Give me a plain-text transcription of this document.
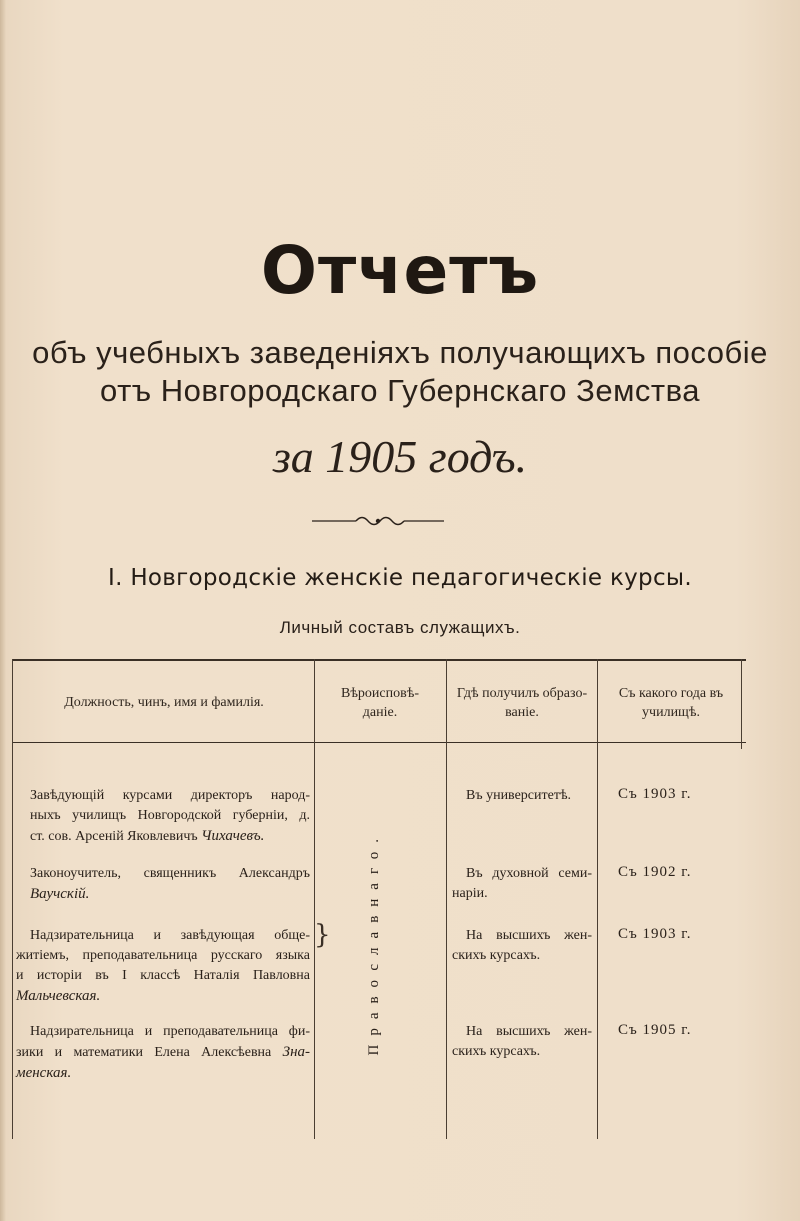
Отчетъ
объ учебныхъ заведеніяхъ получающихъ пособіе
отъ Новгородскаго Губернскаго Земства
за 1905 годъ.
I. Новгородскіе женскіе педагогическіе курсы.
Личный составъ служащихъ.
Должность, чинъ, имя и фамилія.
Вѣроисповѣ-даніе.
Гдѣ получилъ образо-ваніе.
Съ какого года въ училищѣ.
Православнаго.
}
Завѣдующій курсами директоръ народ-
ныхъ училищъ Новгородской губерніи, д.
ст. сов. Арсеній Яковлевичъ Чихачевъ.
Въ университетѣ.	Съ 1903 г.
Законоучитель, священникъ Александръ
Ваучскій.
Въ духовной семи-
наріи.
Съ 1902 г.
Надзирательница и завѣдующая обще-
житіемъ, преподавательница русскаго языка
и исторіи въ I классѣ Наталія Павловна
Мальчевская.
На высшихъ жен-
скихъ курсахъ.
Съ 1903 г.
Надзирательница и преподавательница фи-
зики и математики Елена Алексѣевна Зна-менская.
На высшихъ жен-
скихъ курсахъ.
Съ 1905 г.
